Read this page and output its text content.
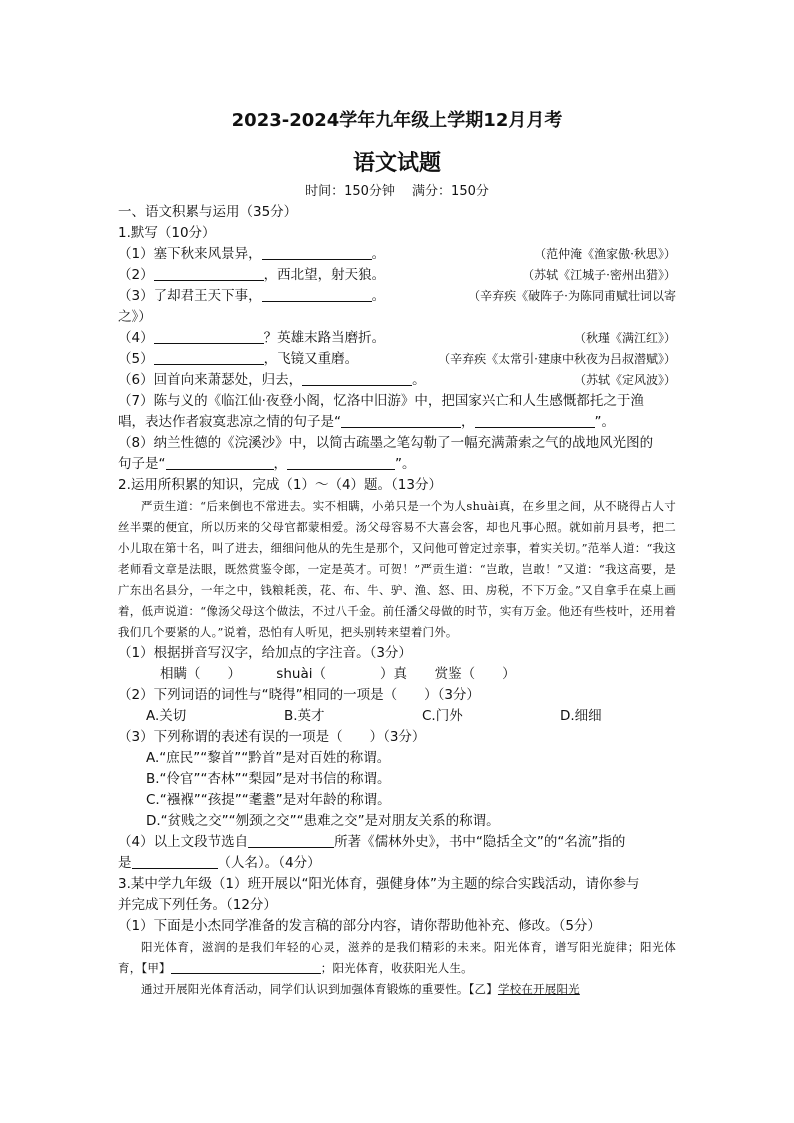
2023-2024学年九年级上学期12月月考
语文试题
时间：150分钟　 满分：150分
一、语文积累与运用（35分）
1.默写（10分）
（1）塞下秋来风景异，	。	（范仲淹《渔家傲·秋思》）
（2）	，西北望，射天狼。	（苏轼《江城子·密州出猎》）
（3）了却君王天下事，	。	（辛弃疾《破阵子·为陈同甫赋壮词以寄
之》）
（4）	？英雄末路当磨折。	（秋瑾《满江红》）
（5）	，飞镜又重磨。	（辛弃疾《太常引·建康中秋夜为吕叔潜赋》）
（6）回首向来萧瑟处，归去，	。	（苏轼《定风波》）
（7）陈与义的《临江仙·夜登小阁，忆洛中旧游》中，把国家兴亡和人生感慨都托之于渔
唱，表达作者寂寞悲凉之情的句子是“	，	”。
（8）纳兰性德的《浣溪沙》中，以简古疏墨之笔勾勒了一幅充满萧索之气的战地风光图的
句子是“	，	”。
2.运用所积累的知识，完成（1）～（4）题。（13分）
严贡生道：“后来倒也不常进去。实不相瞒，小弟只是一个为人shuài真，在乡里之间，从不晓得占人寸丝半粟的便宜，所以历来的父母官都蒙相爱。汤父母容易不大喜会客，却也凡事心照。就如前月县考，把二小儿取在第十名，叫了进去，细细问他从的先生是那个，又问他可曾定过亲事，着实关切。”范举人道：“我这老师看文章是法眼，既然赏鉴令郎，一定是英才。可贺！”严贡生道：“岂敢，岂敢！”又道：“我这高要，是广东出名县分，一年之中，钱粮耗羡，花、布、牛、驴、渔、怒、田、房税，不下万金。”又自拿手在桌上画着，低声说道：“像汤父母这个做法，不过八千金。前任潘父母做的时节，实有万金。他还有些枝叶，还用着我们几个要紧的人。”说着，恐怕有人听见，把头别转来望着门外。
（1）根据拼音写汉字，给加点的字注音。（3分）
相瞒（　　）	shuài（　　　　）真 赏鉴（　　）
（2）下列词语的词性与“晓得”相同的一项是（　　）（3分）
A.关切	B.英才	C.门外	D.细细
（3）下列称谓的表述有误的一项是（　　）（3分）
A.“庶民”“黎首”“黔首”是对百姓的称谓。
B.“伶官”“杏林”“梨园”是对书信的称谓。
C.“襁褓”“孩提”“耄耋”是对年龄的称谓。
D.“贫贱之交”“刎颈之交”“患难之交”是对朋友关系的称谓。
（4）以上文段节选自	所著《儒林外史》，书中“隐括全文”的“名流”指的
是	（人名）。（4分）
3.某中学九年级（1）班开展以“阳光体育，强健身体”为主题的综合实践活动，请你参与
并完成下列任务。（12分）
（1）下面是小杰同学准备的发言稿的部分内容，请你帮助他补充、修改。（5分）
阳光体育，滋润的是我们年轻的心灵，滋养的是我们精彩的未来。阳光体育，谱写阳光旋律；阳光体育，【甲】	；阳光体育，收获阳光人生。
通过开展阳光体育活动，同学们认识到加强体育锻炼的重要性。【乙】学校在开展阳光
